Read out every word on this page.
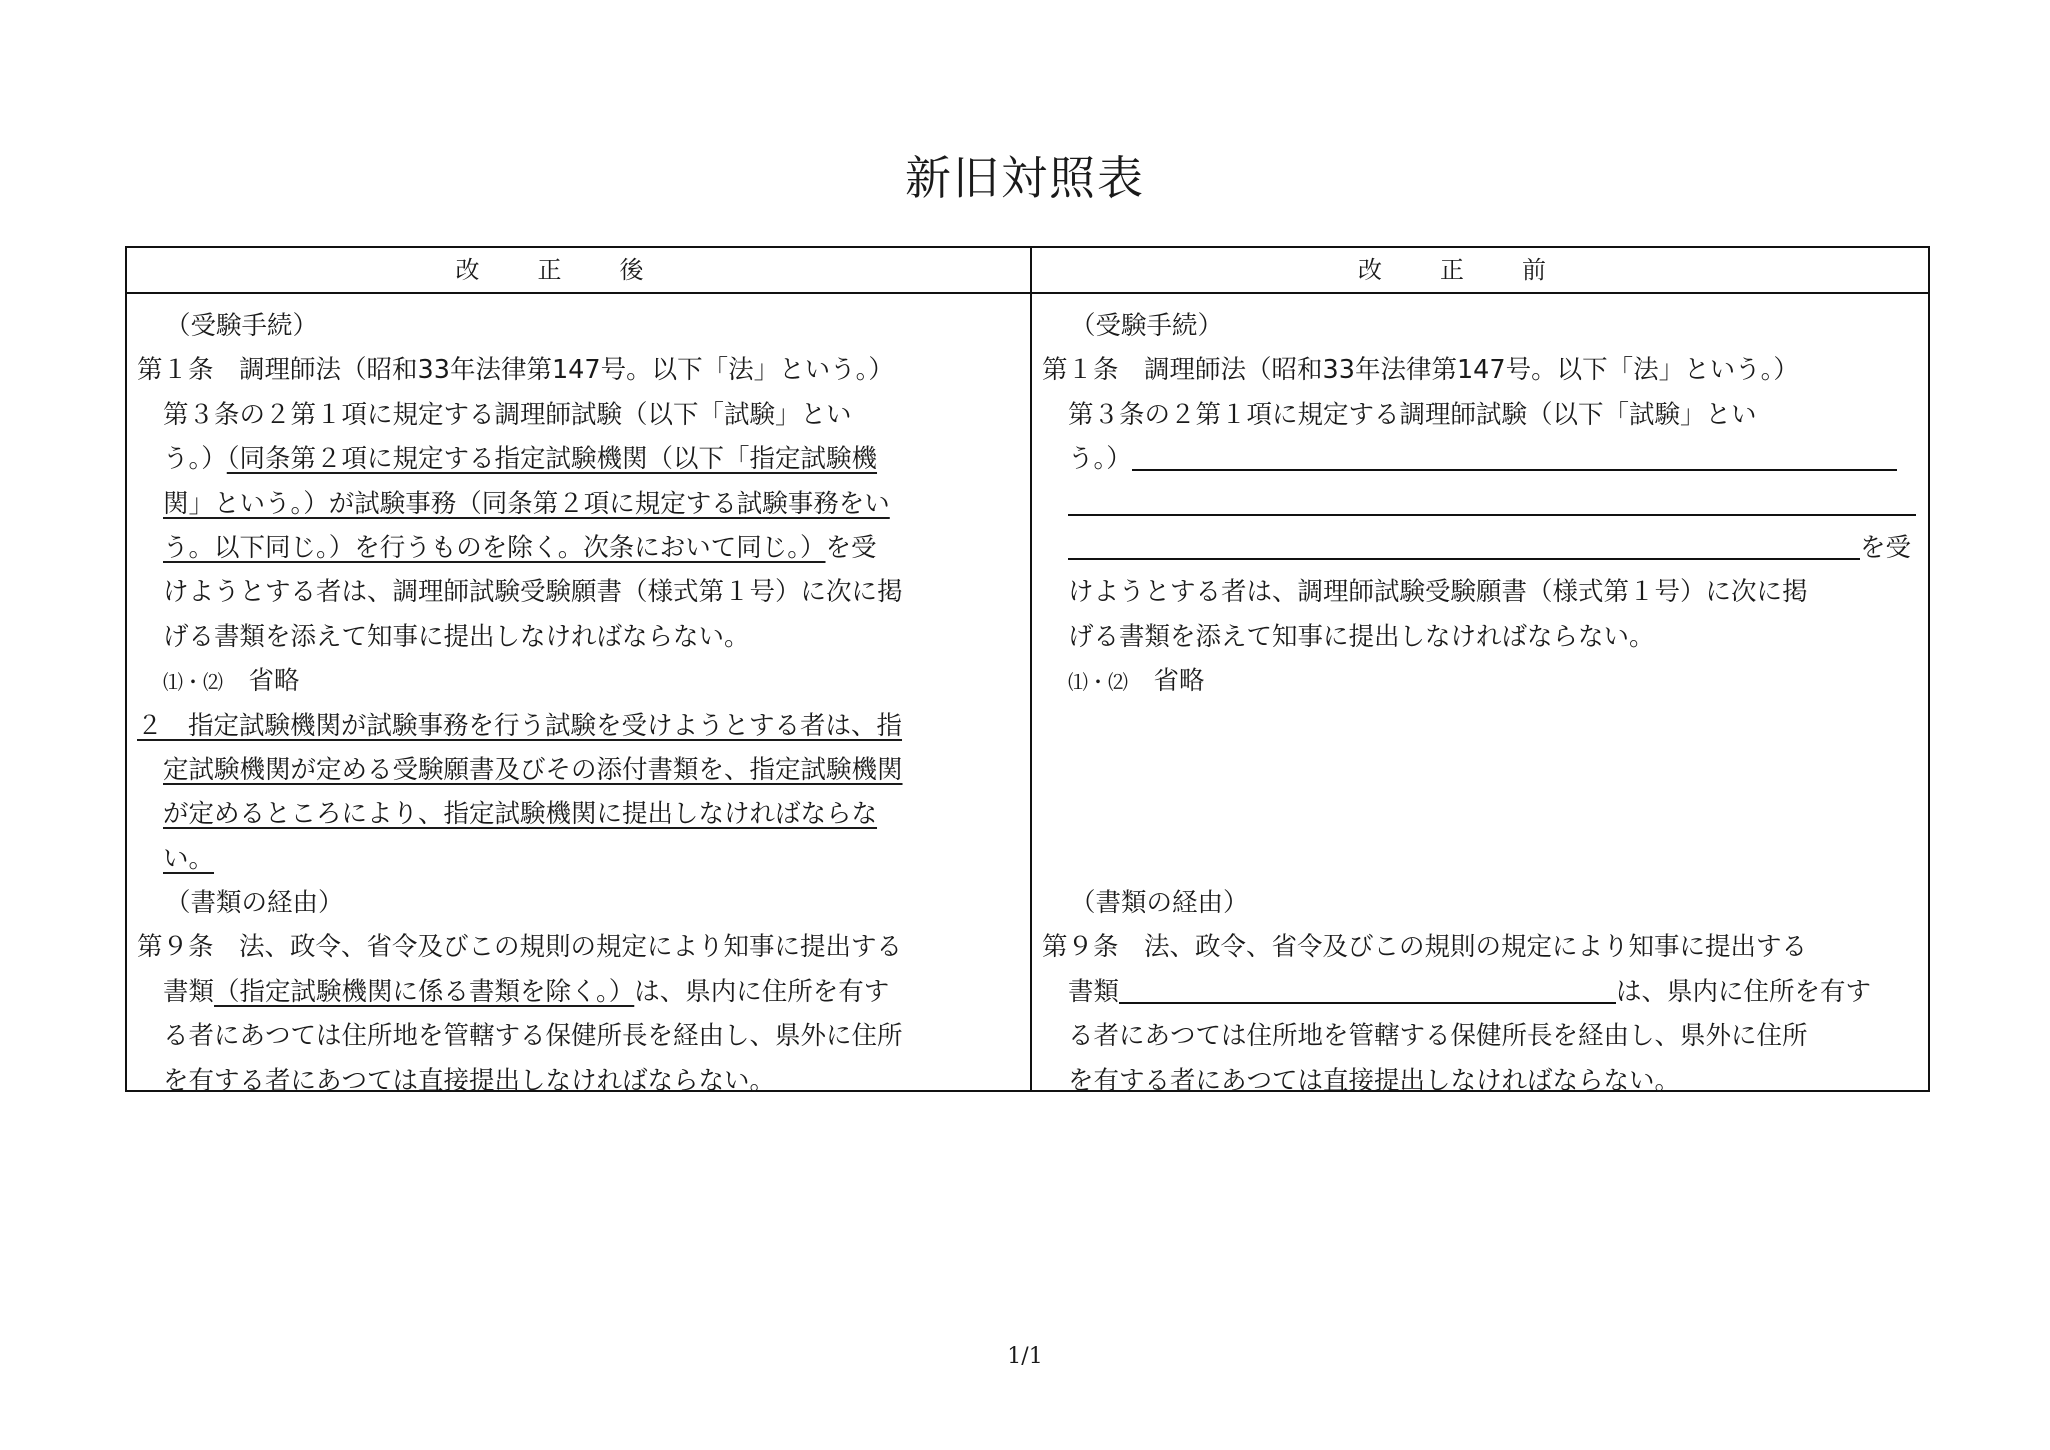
新旧対照表
改正後	改正前
（受験手続）
第１条　調理師法（昭和33年法律第147号。以下「法」という。）
第３条の２第１項に規定する調理師試験（以下「試験」とい
う。）（同条第２項に規定する指定試験機関（以下「指定試験機
関」という。）が試験事務（同条第２項に規定する試験事務をい
う。以下同じ。）を行うものを除く。次条において同じ。）を受
けようとする者は、調理師試験受験願書（様式第１号）に次に掲
げる書類を添えて知事に提出しなければならない。
⑴・⑵　 省略
２　指定試験機関が試験事務を行う試験を受けようとする者は、指
定試験機関が定める受験願書及びその添付書類を、指定試験機関
が定めるところにより、指定試験機関に提出しなければならな
い。
（書類の経由）
第９条　法、政令、省令及びこの規則の規定により知事に提出する
書類（指定試験機関に係る書類を除く。）は、県内に住所を有す
る者にあつては住所地を管轄する保健所長を経由し、県外に住所
を有する者にあつては直接提出しなければならない。
（受験手続）
第１条　調理師法（昭和33年法律第147号。以下「法」という。）
第３条の２第１項に規定する調理師試験（以下「試験」とい
う。）
を受
けようとする者は、調理師試験受験願書（様式第１号）に次に掲
げる書類を添えて知事に提出しなければならない。
⑴・⑵　 省略
（書類の経由）
第９条　法、政令、省令及びこの規則の規定により知事に提出する
書類	は、県内に住所を有す
る者にあつては住所地を管轄する保健所長を経由し、県外に住所
を有する者にあつては直接提出しなければならない。
1/1
